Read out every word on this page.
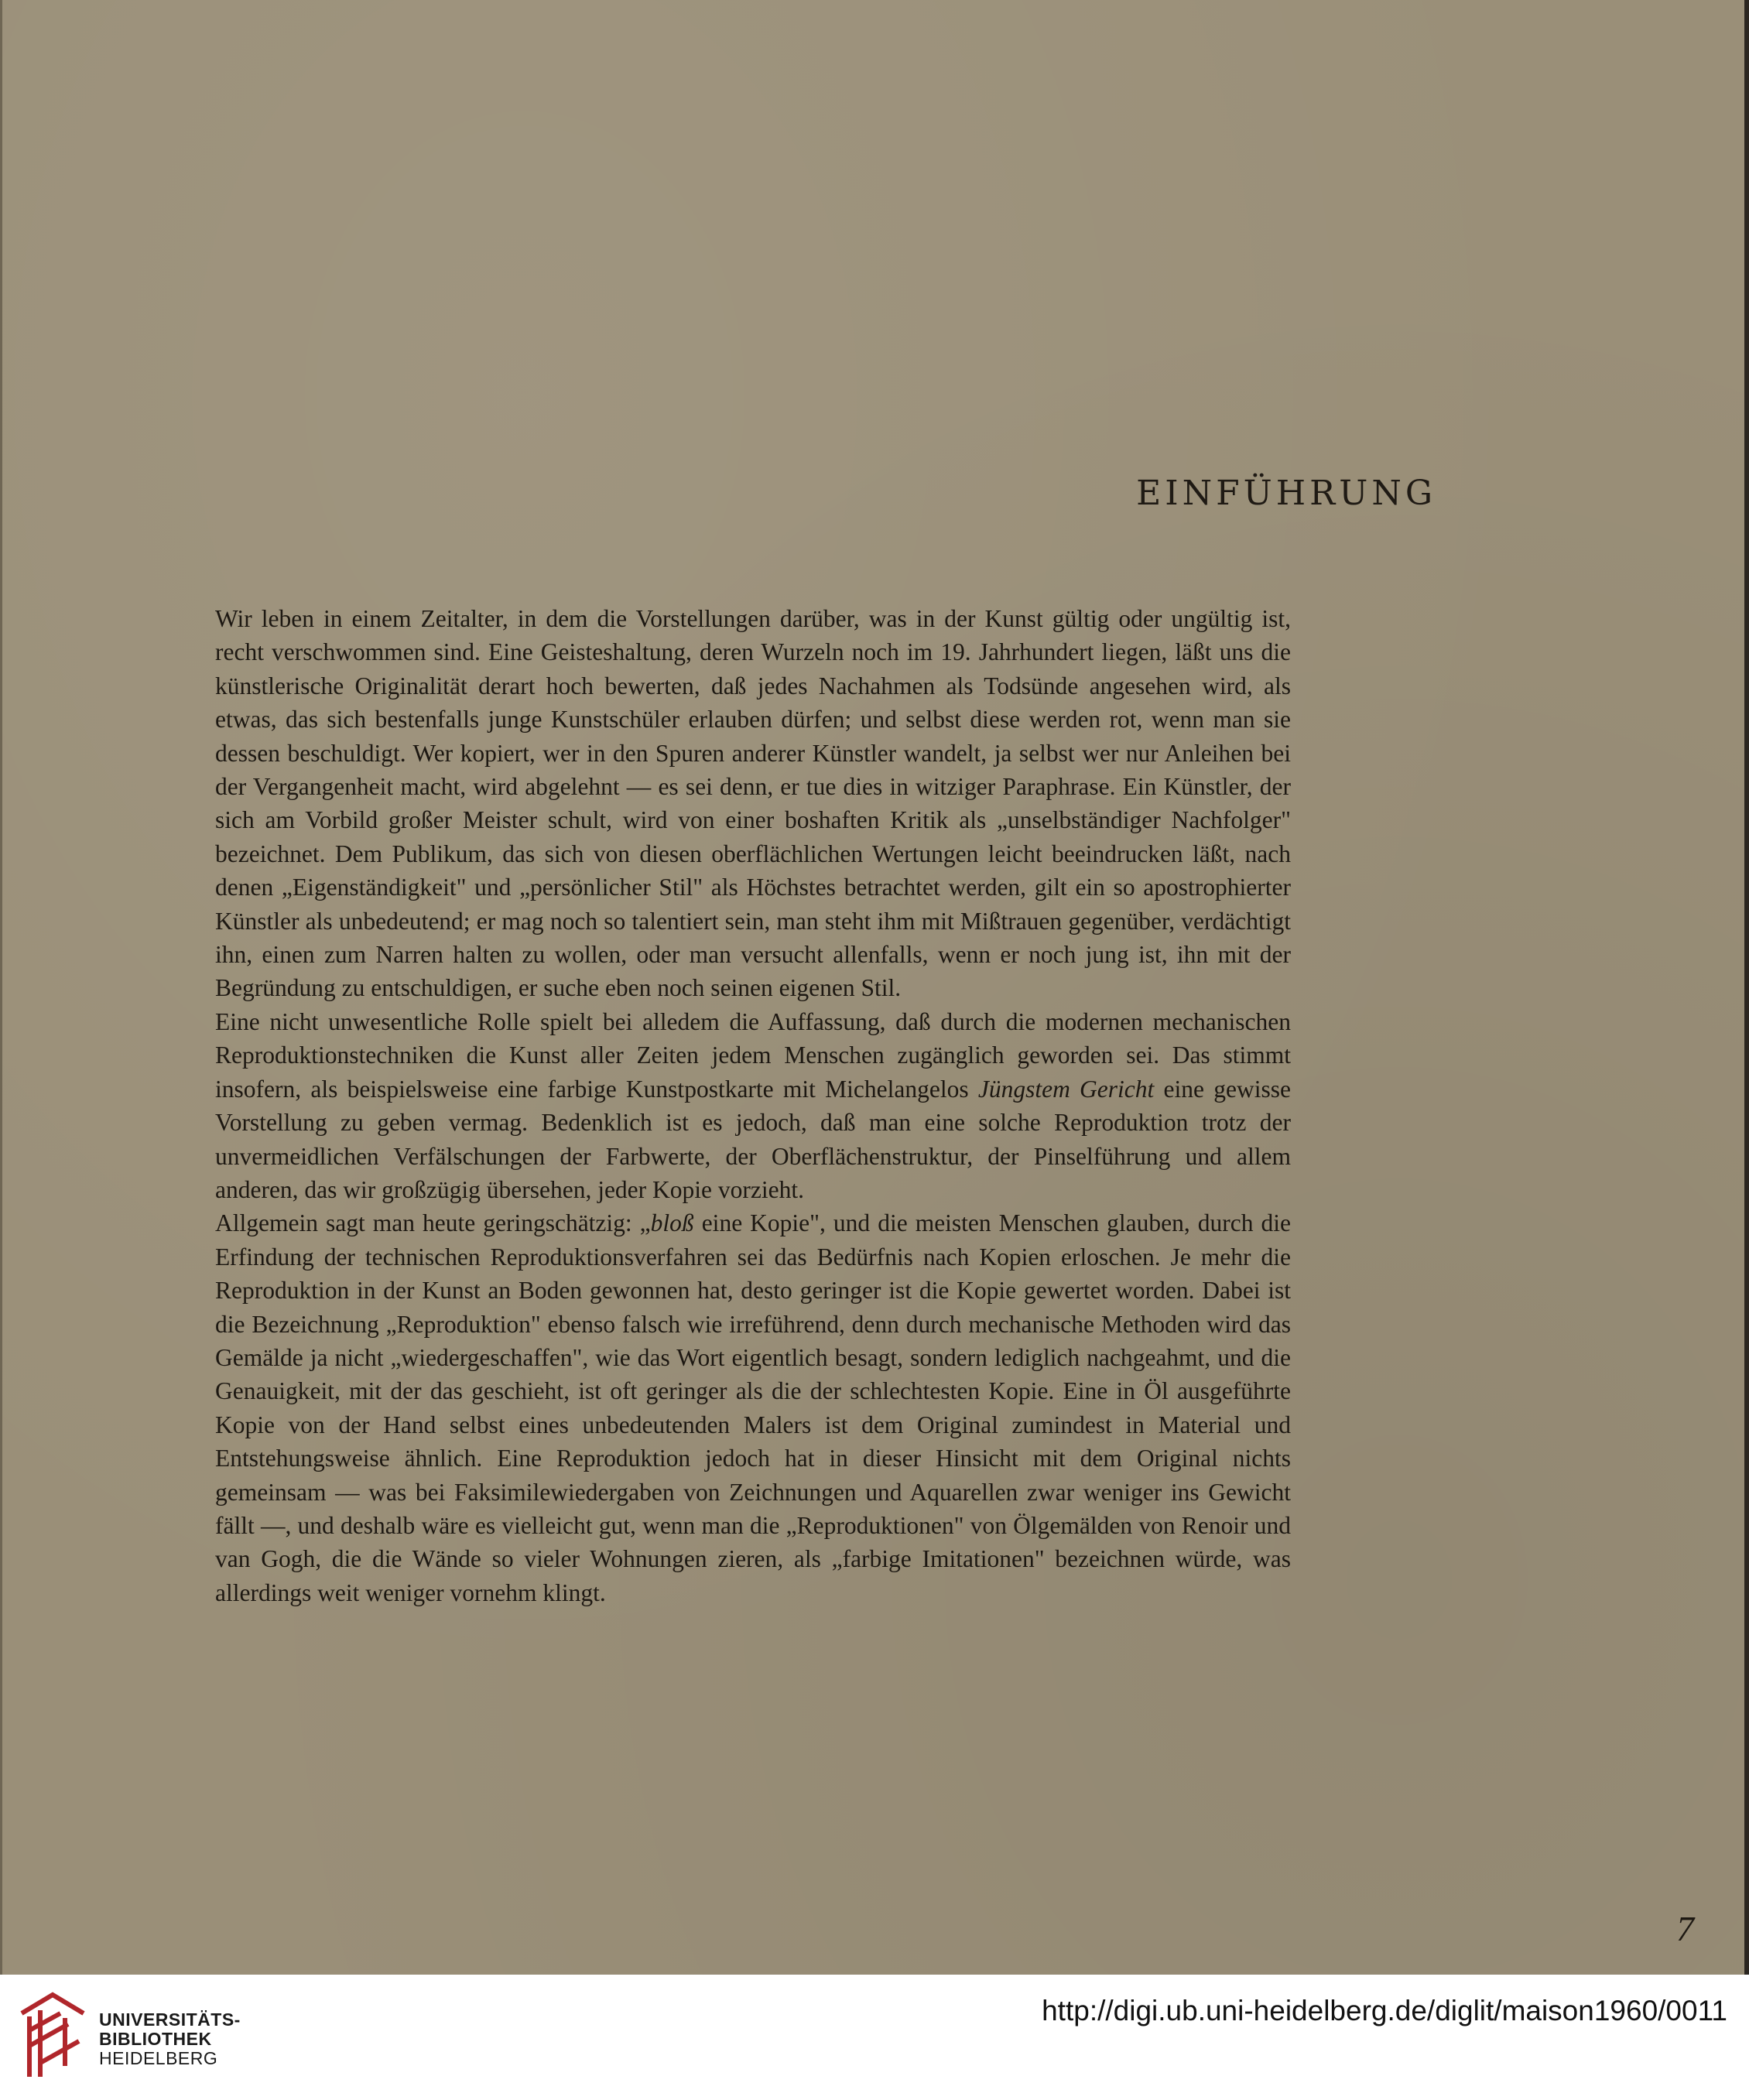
EINFÜHRUNG

Wir leben in einem Zeitalter, in dem die Vorstellungen darüber, was in der Kunst gültig oder ungültig ist, recht verschwommen sind. Eine Geisteshaltung, deren Wurzeln noch im 19. Jahrhundert liegen, läßt uns die künstlerische Originalität derart hoch bewerten, daß jedes Nachahmen als Todsünde angesehen wird, als etwas, das sich bestenfalls junge Kunstschüler erlauben dürfen; und selbst diese werden rot, wenn man sie dessen beschuldigt. Wer kopiert, wer in den Spuren anderer Künstler wandelt, ja selbst wer nur Anleihen bei der Vergangenheit macht, wird abgelehnt — es sei denn, er tue dies in witziger Paraphrase. Ein Künstler, der sich am Vorbild großer Meister schult, wird von einer boshaften Kritik als „unselbständiger Nachfolger" bezeichnet. Dem Publikum, das sich von diesen oberflächlichen Wertungen leicht beeindrucken läßt, nach denen „Eigenständigkeit" und „persönlicher Stil" als Höchstes betrachtet werden, gilt ein so apostrophierter Künstler als unbedeutend; er mag noch so talentiert sein, man steht ihm mit Mißtrauen gegenüber, verdächtigt ihn, einen zum Narren halten zu wollen, oder man versucht allenfalls, wenn er noch jung ist, ihn mit der Begründung zu entschuldigen, er suche eben noch seinen eigenen Stil.

Eine nicht unwesentliche Rolle spielt bei alledem die Auffassung, daß durch die modernen mechanischen Reproduktionstechniken die Kunst aller Zeiten jedem Menschen zugänglich geworden sei. Das stimmt insofern, als beispielsweise eine farbige Kunstpostkarte mit Michelangelos Jüngstem Gericht eine gewisse Vorstellung zu geben vermag. Bedenklich ist es jedoch, daß man eine solche Reproduktion trotz der unvermeidlichen Verfälschungen der Farbwerte, der Oberflächenstruktur, der Pinselführung und allem anderen, das wir großzügig übersehen, jeder Kopie vorzieht.

Allgemein sagt man heute geringschätzig: „bloß eine Kopie", und die meisten Menschen glauben, durch die Erfindung der technischen Reproduktionsverfahren sei das Bedürfnis nach Kopien erloschen. Je mehr die Reproduktion in der Kunst an Boden gewonnen hat, desto geringer ist die Kopie gewertet worden. Dabei ist die Bezeichnung „Reproduktion" ebenso falsch wie irreführend, denn durch mechanische Methoden wird das Gemälde ja nicht „wiedergeschaffen", wie das Wort eigentlich besagt, sondern lediglich nachgeahmt, und die Genauigkeit, mit der das geschieht, ist oft geringer als die der schlechtesten Kopie. Eine in Öl ausgeführte Kopie von der Hand selbst eines unbedeutenden Malers ist dem Original zumindest in Material und Entstehungsweise ähnlich. Eine Reproduktion jedoch hat in dieser Hinsicht mit dem Original nichts gemeinsam — was bei Faksimilewiedergaben von Zeichnungen und Aquarellen zwar weniger ins Gewicht fällt —, und deshalb wäre es vielleicht gut, wenn man die „Reproduktionen" von Ölgemälden von Renoir und van Gogh, die die Wände so vieler Wohnungen zieren, als „farbige Imitationen" bezeichnen würde, was allerdings weit weniger vornehm klingt.

7
UNIVERSITÄTS-
BIBLIOTHEK
HEIDELBERG
http://digi.ub.uni-heidelberg.de/diglit/maison1960/0011
